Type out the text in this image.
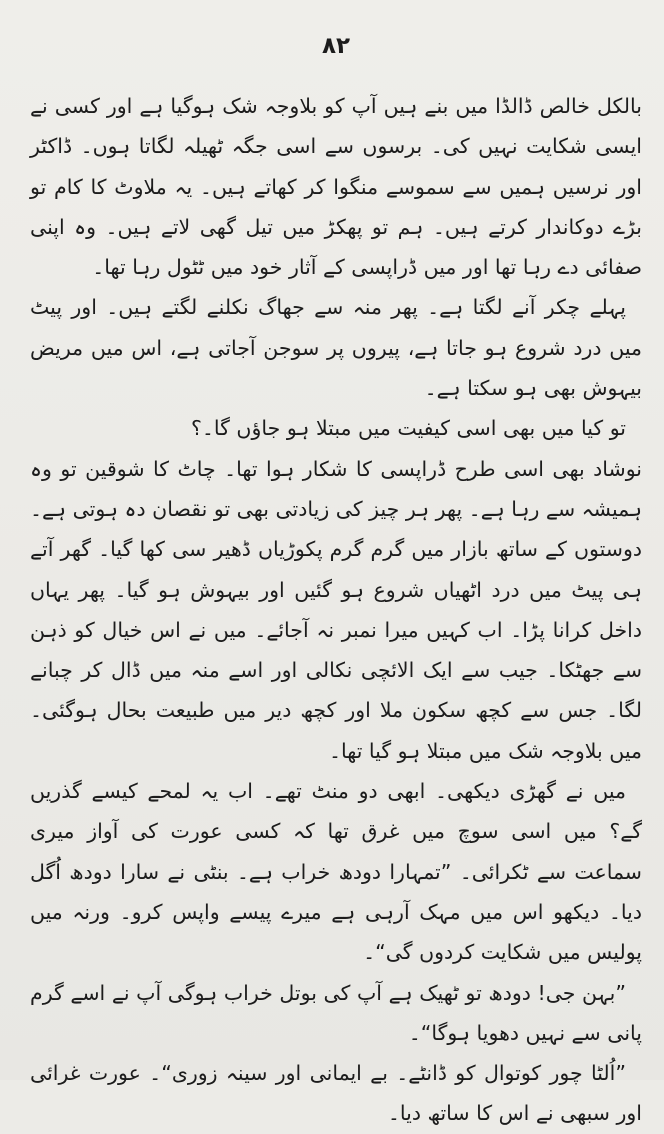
۸۲

بالکل خالص ڈالڈا میں بنے ہیں آپ کو بلاوجہ شک ہوگیا ہے اور کسی نے ایسی شکایت نہیں کی۔ برسوں سے اسی جگہ ٹھیلہ لگاتا ہوں۔ ڈاکٹر اور نرسیں ہمیں سے سموسے منگوا کر کھاتے ہیں۔ یہ ملاوٹ کا کام تو بڑے دوکاندار کرتے ہیں۔ ہم تو پھکڑ میں تیل گھی لاتے ہیں۔ وہ اپنی صفائی دے رہا تھا اور میں ڈراپسی کے آثار خود میں ٹٹول رہا تھا۔

پہلے چکر آنے لگتا ہے۔ پھر منہ سے جھاگ نکلنے لگتے ہیں۔ اور پیٹ میں درد شروع ہو جاتا ہے، پیروں پر سوجن آجاتی ہے، اس میں مریض بیہوش بھی ہو سکتا ہے۔

تو کیا میں بھی اسی کیفیت میں مبتلا ہو جاؤں گا۔؟

نوشاد بھی اسی طرح ڈراپسی کا شکار ہوا تھا۔ چاٹ کا شوقین تو وہ ہمیشہ سے رہا ہے۔ پھر ہر چیز کی زیادتی بھی تو نقصان دہ ہوتی ہے۔ دوستوں کے ساتھ بازار میں گرم گرم پکوڑیاں ڈھیر سی کھا گیا۔ گھر آتے ہی پیٹ میں درد اٹھیاں شروع ہو گئیں اور بیہوش ہو گیا۔ پھر یہاں داخل کرانا پڑا۔ اب کہیں میرا نمبر نہ آجائے۔ میں نے اس خیال کو ذہن سے جھٹکا۔ جیب سے ایک الائچی نکالی اور اسے منہ میں ڈال کر چبانے لگا۔ جس سے کچھ سکون ملا اور کچھ دیر میں طبیعت بحال ہوگئی۔ میں بلاوجہ شک میں مبتلا ہو گیا تھا۔

میں نے گھڑی دیکھی۔ ابھی دو منٹ تھے۔ اب یہ لمحے کیسے گذریں گے؟ میں اسی سوچ میں غرق تھا کہ کسی عورت کی آواز میری سماعت سے ٹکرائی۔ ”تمہارا دودھ خراب ہے۔ بنٹی نے سارا دودھ اُگل دیا۔ دیکھو اس میں مہک آرہی ہے میرے پیسے واپس کرو۔ ورنہ میں پولیس میں شکایت کردوں گی“۔

”بہن جی! دودھ تو ٹھیک ہے آپ کی بوتل خراب ہوگی آپ نے اسے گرم پانی سے نہیں دھویا ہوگا“۔

”اُلٹا چور کوتوال کو ڈانٹے۔ بے ایمانی اور سینہ زوری“۔ عورت غرائی اور سبھی نے اس کا ساتھ دیا۔
